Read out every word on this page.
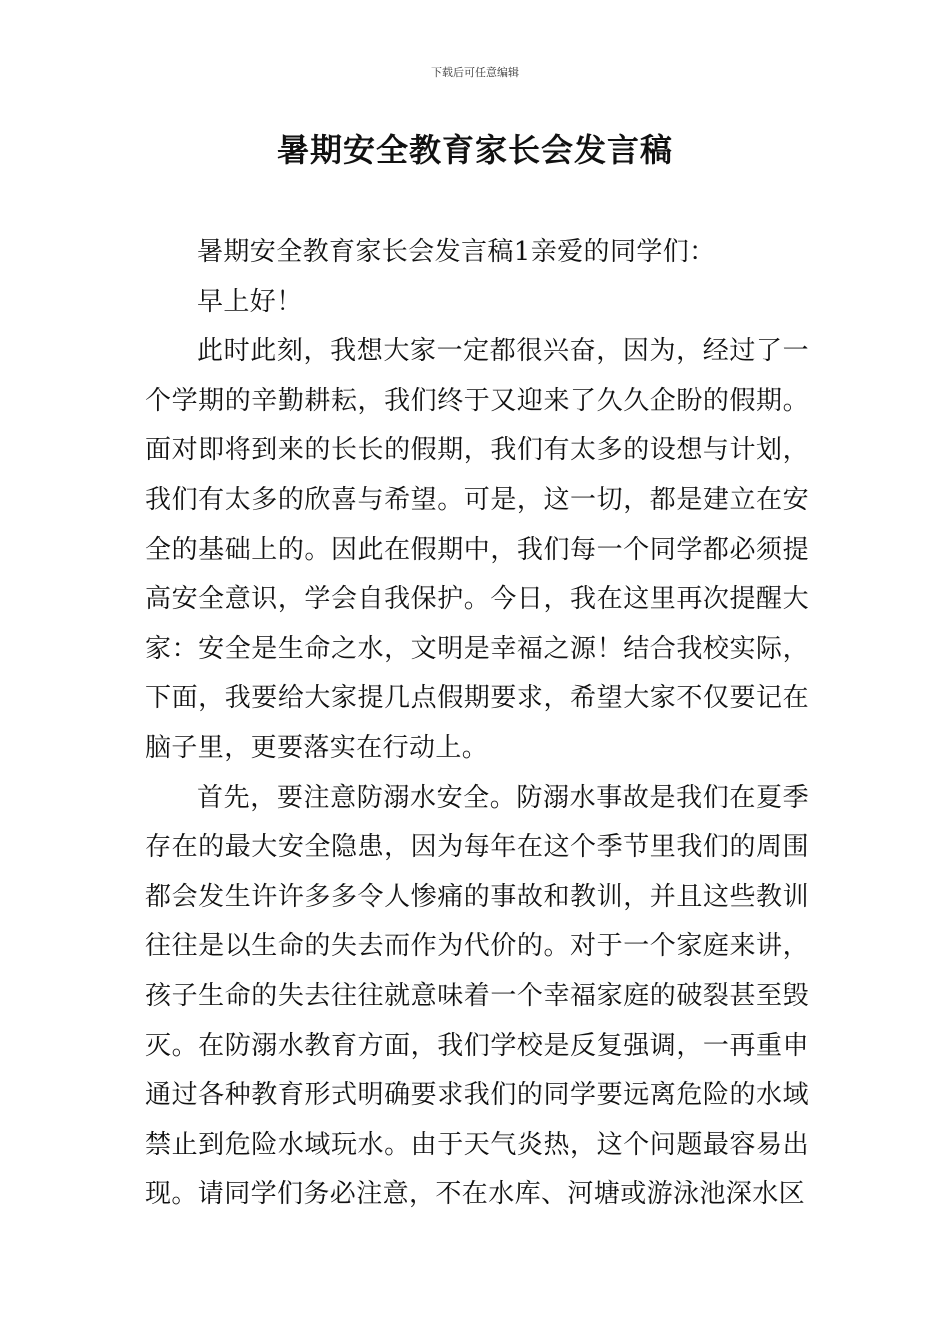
下载后可任意编辑
暑期安全教育家长会发言稿

暑期安全教育家长会发言稿1亲爱的同学们：

早上好！

此时此刻，我想大家一定都很兴奋，因为，经过了一个学期的辛勤耕耘，我们终于又迎来了久久企盼的假期。面对即将到来的长长的假期，我们有太多的设想与计划，我们有太多的欣喜与希望。可是，这一切，都是建立在安全的基础上的。因此在假期中，我们每一个同学都必须提高安全意识，学会自我保护。今日，我在这里再次提醒大家：安全是生命之水，文明是幸福之源！结合我校实际，下面，我要给大家提几点假期要求，希望大家不仅要记在脑子里，更要落实在行动上。

首先，要注意防溺水安全。防溺水事故是我们在夏季存在的最大安全隐患，因为每年在这个季节里我们的周围都会发生许许多多令人惨痛的事故和教训，并且这些教训往往是以生命的失去而作为代价的。对于一个家庭来讲，孩子生命的失去往往就意味着一个幸福家庭的破裂甚至毁灭。在防溺水教育方面，我们学校是反复强调，一再重申通过各种教育形式明确要求我们的同学要远离危险的水域禁止到危险水域玩水。由于天气炎热，这个问题最容易出现。请同学们务必注意，不在水库、河塘或游泳池深水区
